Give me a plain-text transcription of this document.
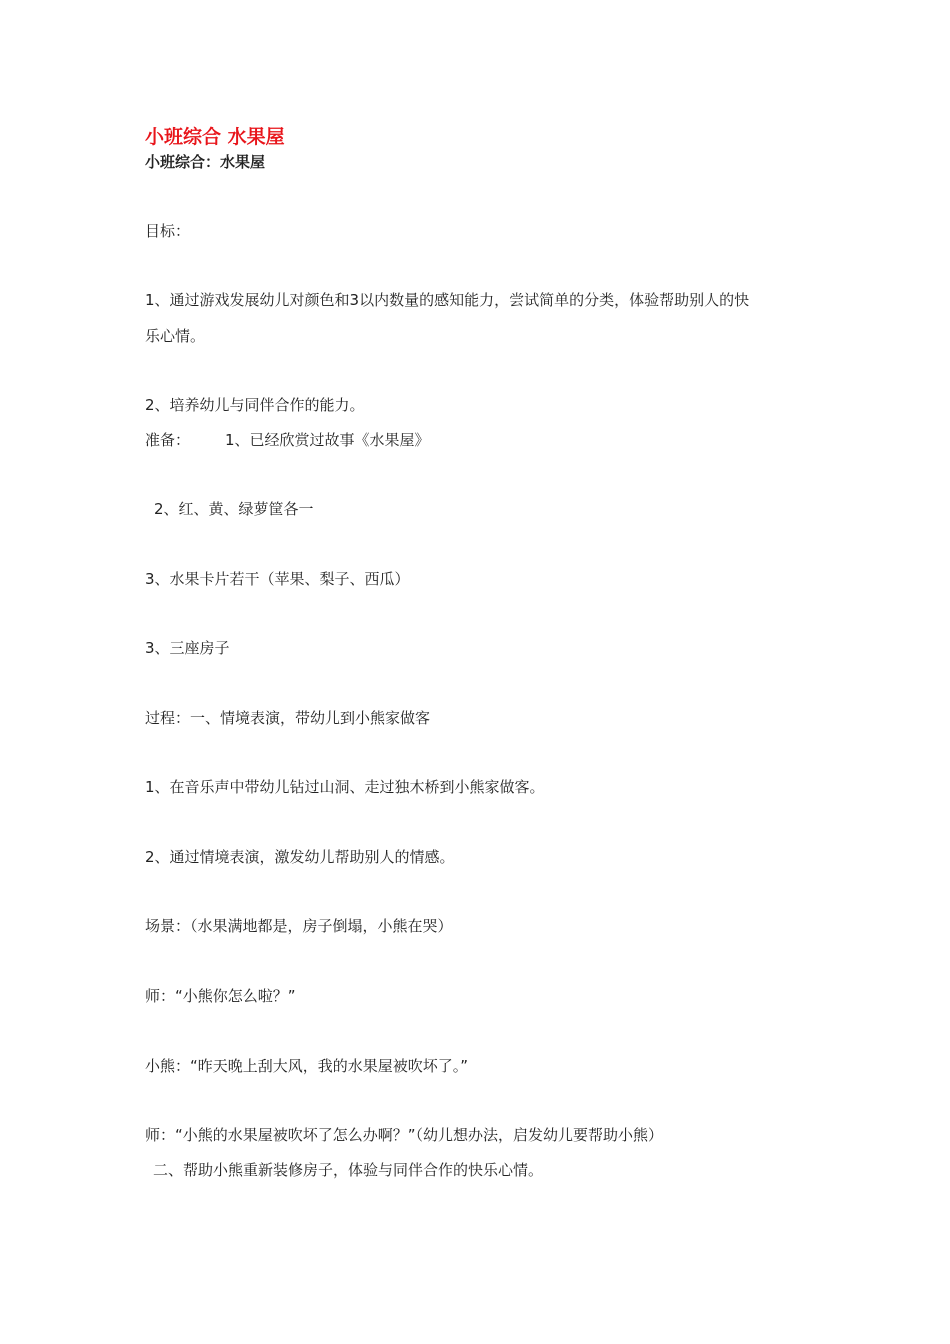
小班综合 水果屋
小班综合：水果屋
目标：
1、通过游戏发展幼儿对颜色和3以内数量的感知能力，尝试简单的分类，体验帮助别人的快
乐心情。
2、培养幼儿与同伴合作的能力。
准备： 1、已经欣赏过故事《水果屋》
2、红、黄、绿萝筐各一
3、水果卡片若干（苹果、梨子、西瓜）
3、三座房子
过程：一、情境表演，带幼儿到小熊家做客
1、在音乐声中带幼儿钻过山洞、走过独木桥到小熊家做客。
2、通过情境表演，激发幼儿帮助别人的情感。
场景：（水果满地都是，房子倒塌，小熊在哭）
师：“小熊你怎么啦？”
小熊：“昨天晚上刮大风，我的水果屋被吹坏了。”
师：“小熊的水果屋被吹坏了怎么办啊？”（幼儿想办法，启发幼儿要帮助小熊）
二、帮助小熊重新装修房子，体验与同伴合作的快乐心情。
